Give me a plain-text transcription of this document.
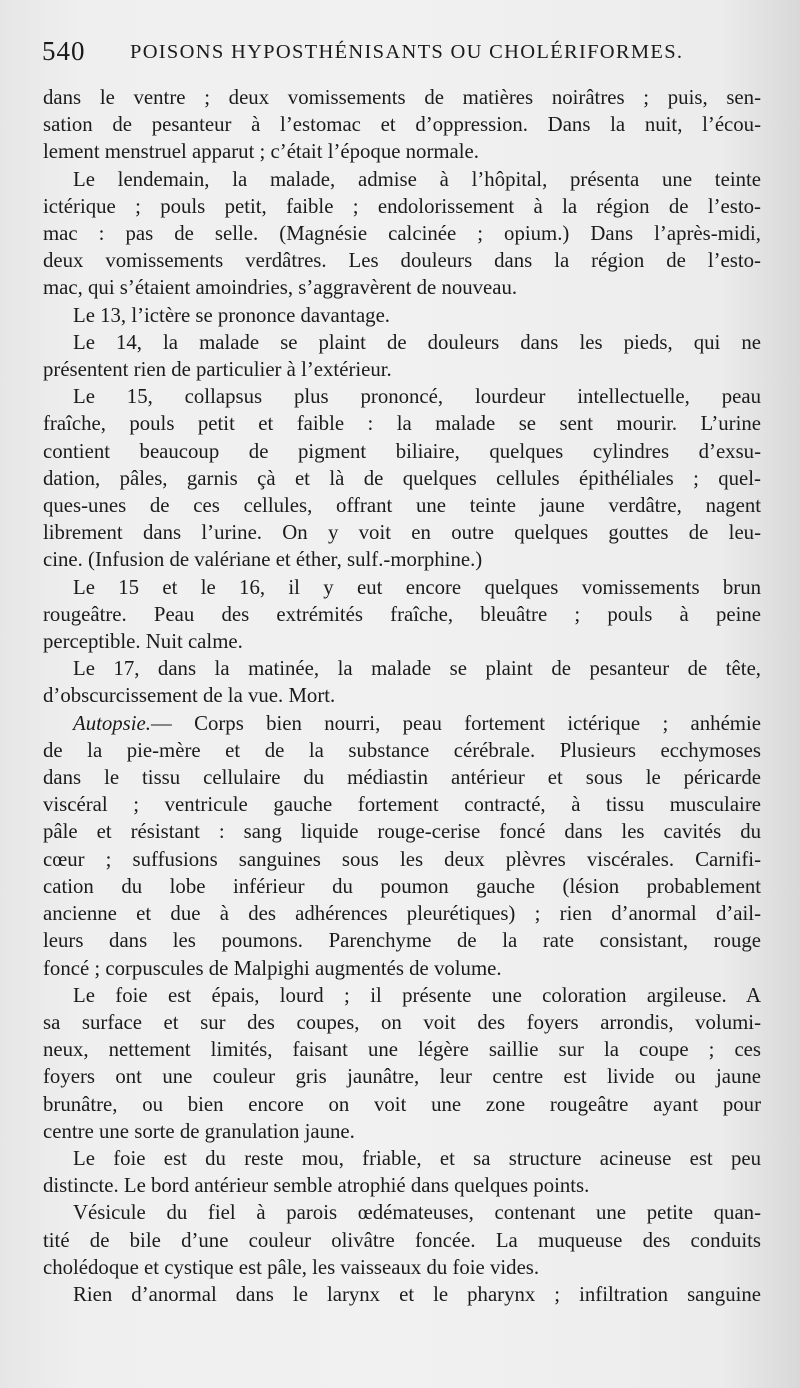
540 POISONS HYPOSTHÉNISANTS OU CHOLÉRIFORMES.
dans le ventre ; deux vomissements de matières noirâtres ; puis, sen-
sation de pesanteur à l’estomac et d’oppression. Dans la nuit, l’écou-
lement menstruel apparut ; c’était l’époque normale.
Le lendemain, la malade, admise à l’hôpital, présenta une teinte
ictérique ; pouls petit, faible ; endolorissement à la région de l’esto-
mac : pas de selle. (Magnésie calcinée ; opium.) Dans l’après-midi,
deux vomissements verdâtres. Les douleurs dans la région de l’esto-
mac, qui s’étaient amoindries, s’aggravèrent de nouveau.
Le 13, l’ictère se prononce davantage.
Le 14, la malade se plaint de douleurs dans les pieds, qui ne
présentent rien de particulier à l’extérieur.
Le 15, collapsus plus prononcé, lourdeur intellectuelle, peau
fraîche, pouls petit et faible : la malade se sent mourir. L’urine
contient beaucoup de pigment biliaire, quelques cylindres d’exsu-
dation, pâles, garnis çà et là de quelques cellules épithéliales ; quel-
ques-unes de ces cellules, offrant une teinte jaune verdâtre, nagent
librement dans l’urine. On y voit en outre quelques gouttes de leu-
cine. (Infusion de valériane et éther, sulf.-morphine.)
Le 15 et le 16, il y eut encore quelques vomissements brun
rougeâtre. Peau des extrémités fraîche, bleuâtre ; pouls à peine
perceptible. Nuit calme.
Le 17, dans la matinée, la malade se plaint de pesanteur de tête,
d’obscurcissement de la vue. Mort.
Autopsie.— Corps bien nourri, peau fortement ictérique ; anhémie
de la pie-mère et de la substance cérébrale. Plusieurs ecchymoses
dans le tissu cellulaire du médiastin antérieur et sous le péricarde
viscéral ; ventricule gauche fortement contracté, à tissu musculaire
pâle et résistant : sang liquide rouge-cerise foncé dans les cavités du
cœur ; suffusions sanguines sous les deux plèvres viscérales. Carnifi-
cation du lobe inférieur du poumon gauche (lésion probablement
ancienne et due à des adhérences pleurétiques) ; rien d’anormal d’ail-
leurs dans les poumons. Parenchyme de la rate consistant, rouge
foncé ; corpuscules de Malpighi augmentés de volume.
Le foie est épais, lourd ; il présente une coloration argileuse. A
sa surface et sur des coupes, on voit des foyers arrondis, volumi-
neux, nettement limités, faisant une légère saillie sur la coupe ; ces
foyers ont une couleur gris jaunâtre, leur centre est livide ou jaune
brunâtre, ou bien encore on voit une zone rougeâtre ayant pour
centre une sorte de granulation jaune.
Le foie est du reste mou, friable, et sa structure acineuse est peu
distincte. Le bord antérieur semble atrophié dans quelques points.
Vésicule du fiel à parois œdémateuses, contenant une petite quan-
tité de bile d’une couleur olivâtre foncée. La muqueuse des conduits
cholédoque et cystique est pâle, les vaisseaux du foie vides.
Rien d’anormal dans le larynx et le pharynx ; infiltration sanguine
